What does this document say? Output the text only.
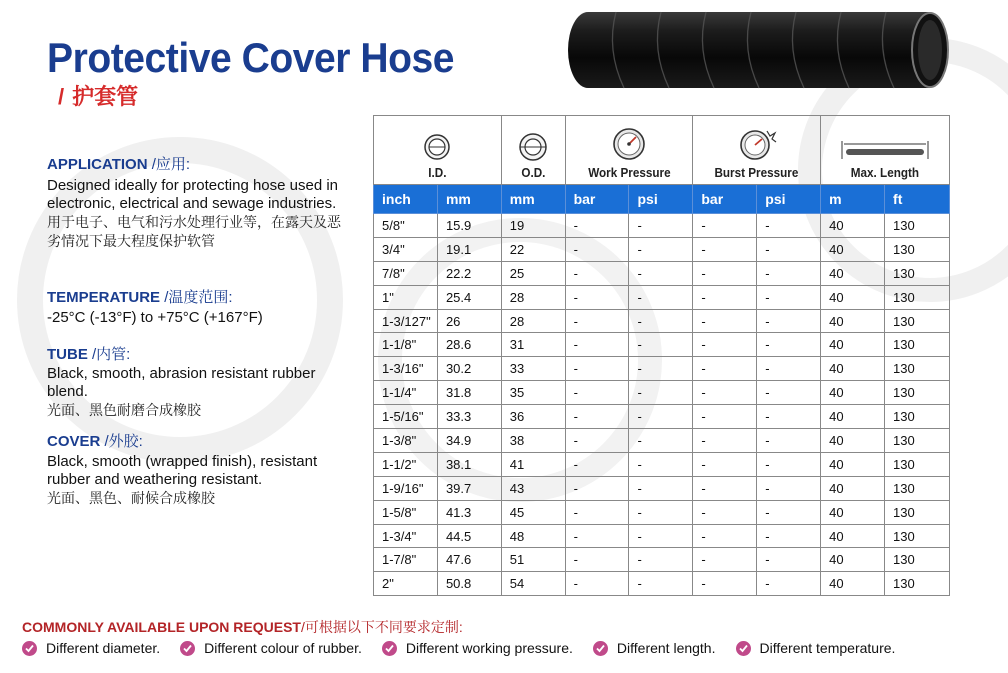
Protective Cover Hose
/ 护套管
APPLICATION /应用:
Designed ideally for protecting hose used in electronic, electrical and sewage industries.
用于电子、电气和污水处理行业等，在露天及恶劣情况下最大程度保护软管
TEMPERATURE /温度范围:
-25°C (-13°F) to +75°C (+167°F)
TUBE /内管:
Black, smooth, abrasion resistant rubber blend.
光面、黑色耐磨合成橡胶
COVER /外胶:
Black, smooth (wrapped finish), resistant rubber and weathering resistant.
光面、黑色、耐候合成橡胶
I.D.		O.D.	Work Pressure		Burst Pressure		Max. Length	

inch	mm	mm	bar	psi	bar	psi	m	ft
5/8"	15.9	19	-	-	-	-	40	130
3/4"	19.1	22	-	-	-	-	40	130
7/8"	22.2	25	-	-	-	-	40	130
1"	25.4	28	-	-	-	-	40	130
1-3/127"	26	28	-	-	-	-	40	130
1-1/8"	28.6	31	-	-	-	-	40	130
1-3/16"	30.2	33	-	-	-	-	40	130
1-1/4"	31.8	35	-	-	-	-	40	130
1-5/16"	33.3	36	-	-	-	-	40	130
1-3/8"	34.9	38	-	-	-	-	40	130
1-1/2"	38.1	41	-	-	-	-	40	130
1-9/16"	39.7	43	-	-	-	-	40	130
1-5/8"	41.3	45	-	-	-	-	40	130
1-3/4"	44.5	48	-	-	-	-	40	130
1-7/8"	47.6	51	-	-	-	-	40	130
2"	50.8	54	-	-	-	-	40	130
COMMONLY AVAILABLE UPON REQUEST/可根据以下不同要求定制:
Different diameter.	Different colour of rubber.	Different working pressure.	Different length.	Different temperature.
